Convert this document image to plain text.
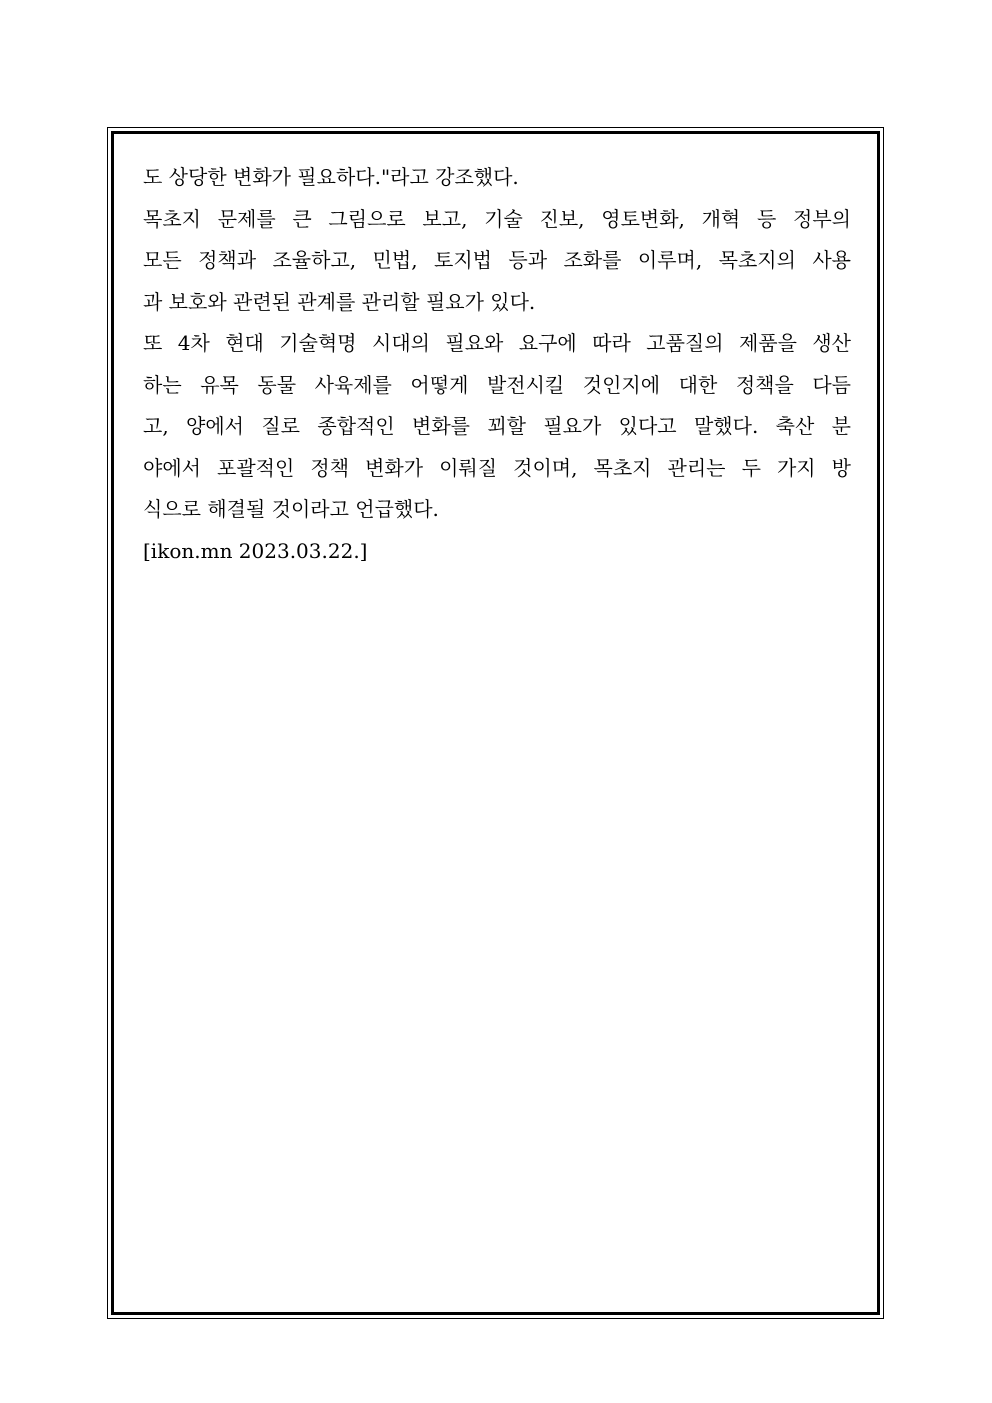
도 상당한 변화가 필요하다."라고 강조했다.
목초지 문제를 큰 그림으로 보고, 기술 진보, 영토변화, 개혁 등 정부의
모든 정책과 조율하고, 민법, 토지법 등과 조화를 이루며, 목초지의 사용
과 보호와 관련된 관계를 관리할 필요가 있다.
또 4차 현대 기술혁명 시대의 필요와 요구에 따라 고품질의 제품을 생산
하는 유목 동물 사육제를 어떻게 발전시킬 것인지에 대한 정책을 다듬
고, 양에서 질로 종합적인 변화를 꾀할 필요가 있다고 말했다. 축산 분
야에서 포괄적인 정책 변화가 이뤄질 것이며, 목초지 관리는 두 가지 방
식으로 해결될 것이라고 언급했다.
[ikon.mn 2023.03.22.]
